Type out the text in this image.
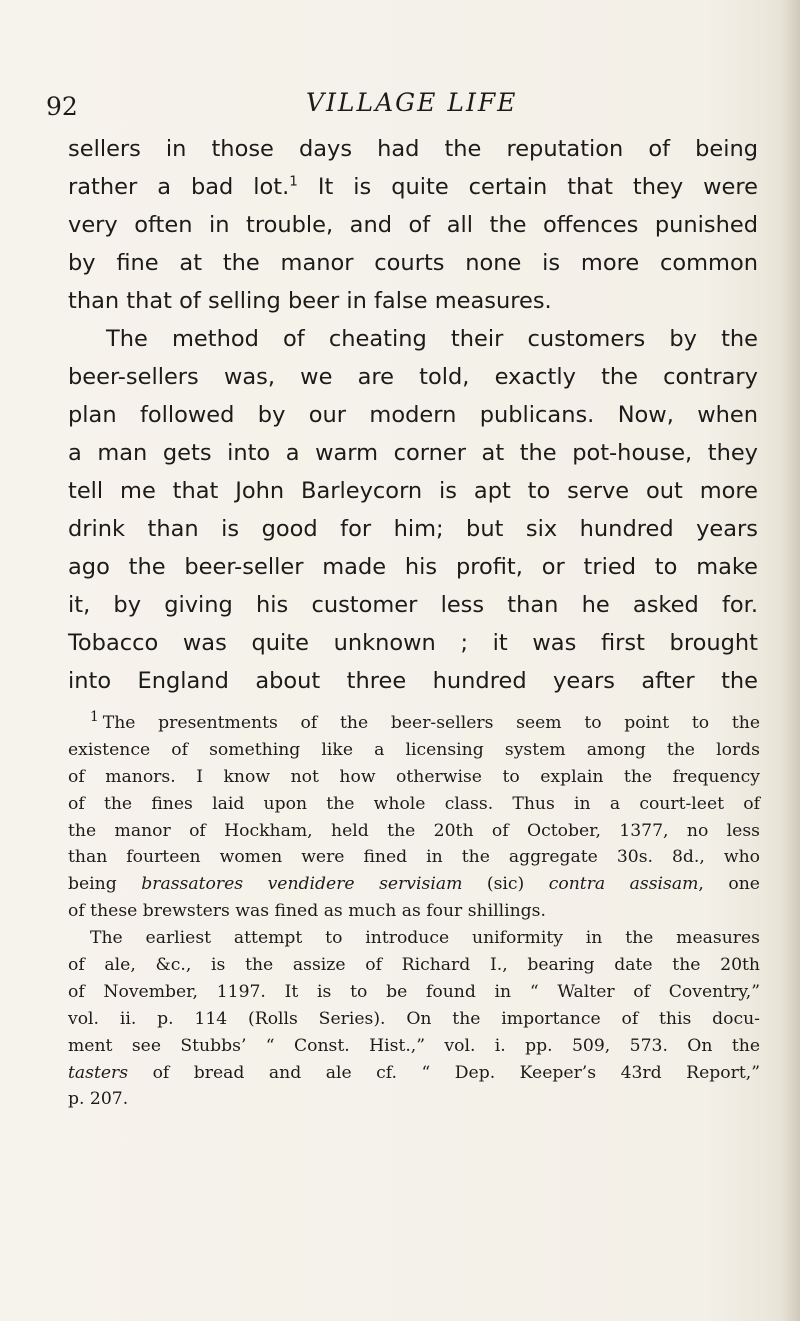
92	VILLAGE LIFE
sellers in those days had the reputation of being
rather a bad lot.$^1$ It is quite certain that they were
very often in trouble, and of all the offences punished
by fine at the manor courts none is more common
than that of selling beer in false measures.
The method of cheating their customers by the
beer-sellers was, we are told, exactly the contrary
plan followed by our modern publicans. Now, when
a man gets into a warm corner at the pot-house, they
tell me that John Barleycorn is apt to serve out more
drink than is good for him; but six hundred years
ago the beer-seller made his profit, or tried to make
it, by giving his customer less than he asked for.
Tobacco was quite unknown ; it was first brought
into England about three hundred years after the
$^1$ The presentments of the beer-sellers seem to point to the
existence of something like a licensing system among the lords
of manors. I know not how otherwise to explain the frequency
of the fines laid upon the whole class. Thus in a court-leet of
the manor of Hockham, held the 20th of October, 1377, no less
than fourteen women were fined in the aggregate 30s. 8d., who
being brassatores vendidere servisiam (sic) contra assisam, one
of these brewsters was fined as much as four shillings.
The earliest attempt to introduce uniformity in the measures
of ale, &c., is the assize of Richard I., bearing date the 20th
of November, 1197. It is to be found in “ Walter of Coventry,”
vol. ii. p. 114 (Rolls Series). On the importance of this docu-
ment see Stubbs’ “ Const. Hist.,” vol. i. pp. 509, 573. On the
tasters of bread and ale cf. “ Dep. Keeper’s 43rd Report,”
p. 207.
